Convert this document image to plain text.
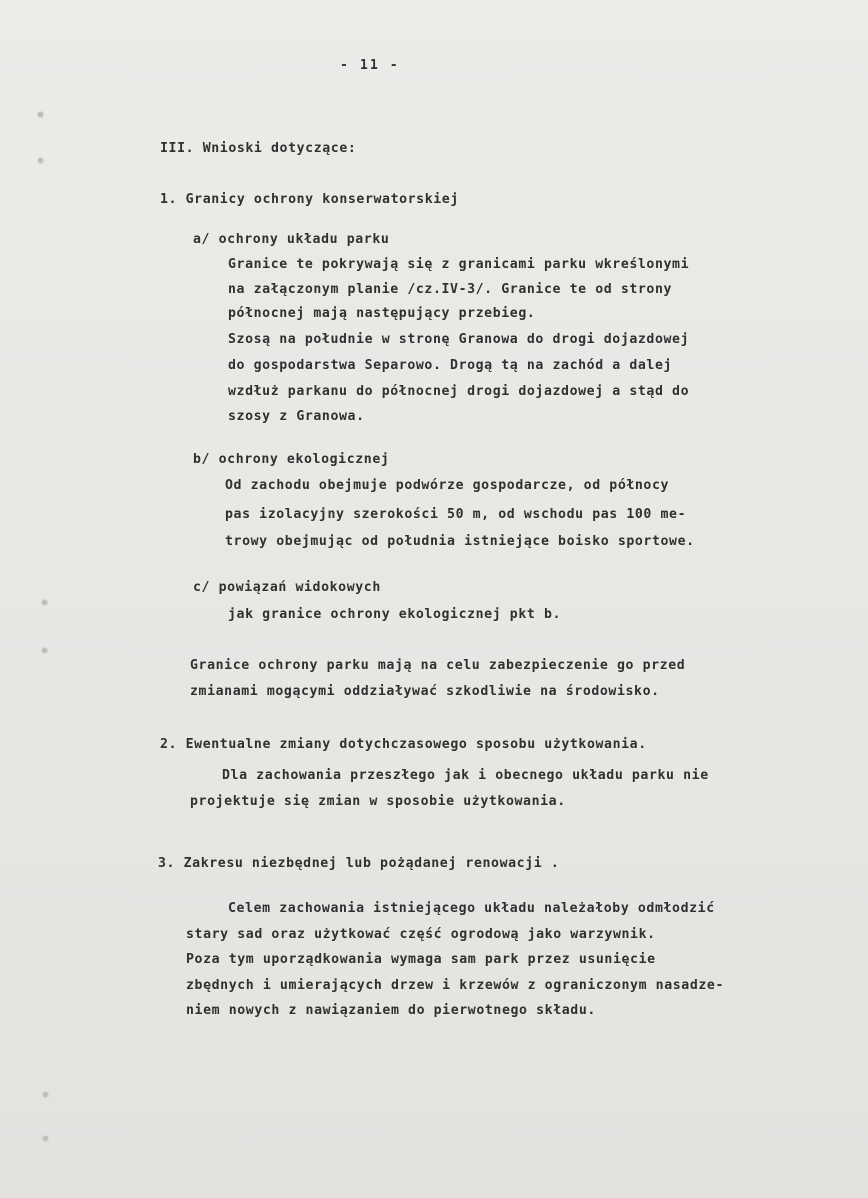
- 11 -
III. Wnioski dotyczące:
1. Granicy ochrony konserwatorskiej
a/ ochrony układu parku
Granice te pokrywają się z granicami parku wkreślonymi
na załączonym planie /cz.IV-3/. Granice te od strony
północnej mają następujący przebieg.
Szosą na południe w stronę Granowa do drogi dojazdowej
do gospodarstwa Separowo. Drogą tą na zachód a dalej
wzdłuż parkanu do północnej drogi dojazdowej a stąd do
szosy z Granowa.
b/ ochrony ekologicznej
Od zachodu obejmuje podwórze gospodarcze, od północy
pas izolacyjny szerokości 50 m, od wschodu pas 100 me-
trowy obejmując od południa istniejące boisko sportowe.
c/ powiązań widokowych
jak granice ochrony ekologicznej pkt b.
Granice ochrony parku mają na celu zabezpieczenie go przed
zmianami mogącymi oddziaływać szkodliwie na środowisko.
2. Ewentualne zmiany dotychczasowego sposobu użytkowania.
Dla zachowania przeszłego jak i obecnego układu parku nie
projektuje się zmian w sposobie użytkowania.
3. Zakresu niezbędnej lub pożądanej renowacji .
Celem zachowania istniejącego układu należałoby odmłodzić
stary sad oraz użytkować część ogrodową jako warzywnik.
Poza tym uporządkowania wymaga sam park przez usunięcie
zbędnych i umierających drzew i krzewów z ograniczonym nasadze-
niem nowych z nawiązaniem do pierwotnego składu.
